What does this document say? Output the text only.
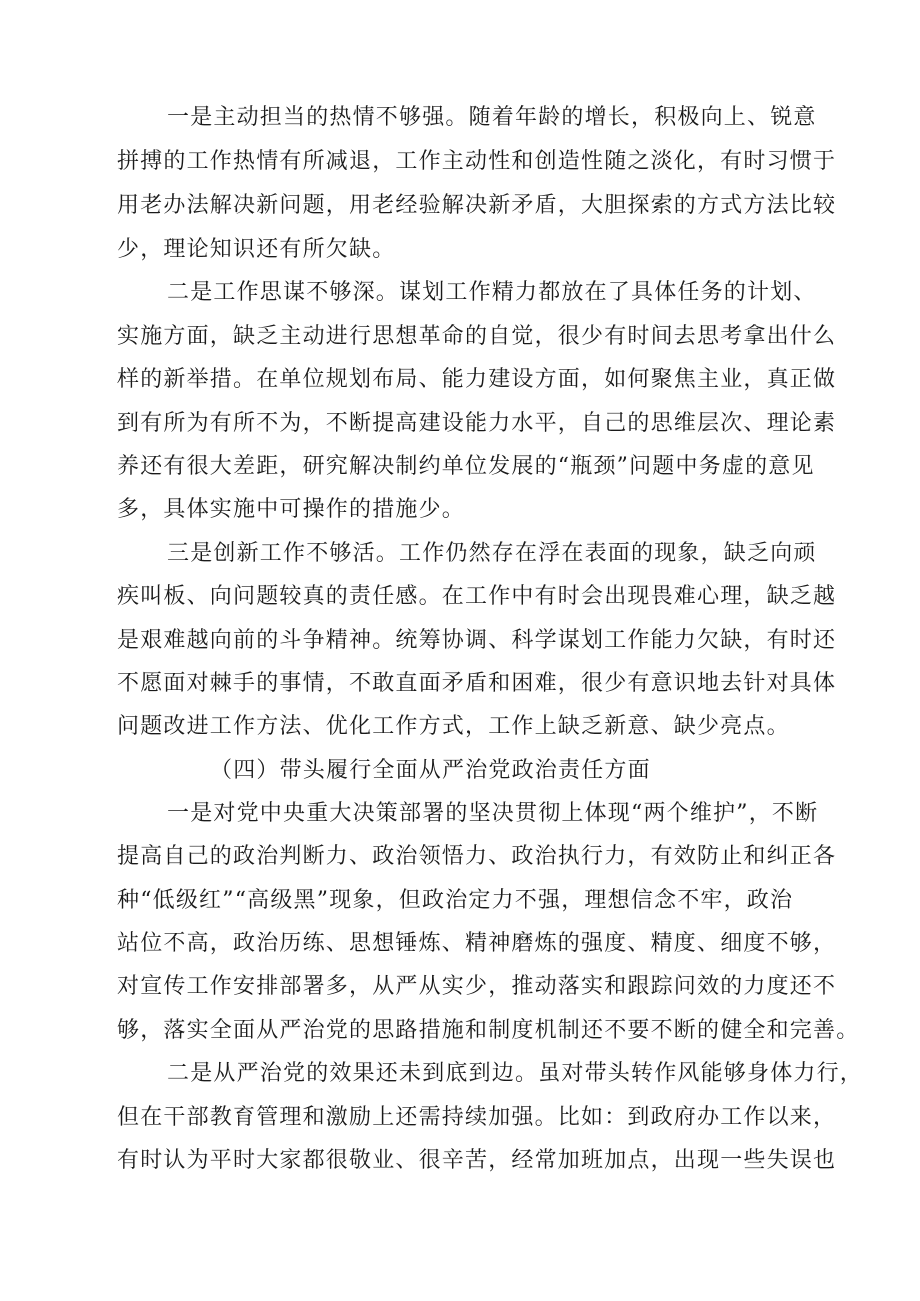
一是主动担当的热情不够强。随着年龄的增长，积极向上、锐意
拼搏的工作热情有所减退，工作主动性和创造性随之淡化，有时习惯于
用老办法解决新问题，用老经验解决新矛盾，大胆探索的方式方法比较
少，理论知识还有所欠缺。
二是工作思谋不够深。谋划工作精力都放在了具体任务的计划、
实施方面，缺乏主动进行思想革命的自觉，很少有时间去思考拿出什么
样的新举措。在单位规划布局、能力建设方面，如何聚焦主业，真正做
到有所为有所不为，不断提高建设能力水平，自己的思维层次、理论素
养还有很大差距，研究解决制约单位发展的“瓶颈”问题中务虚的意见
多，具体实施中可操作的措施少。
三是创新工作不够活。工作仍然存在浮在表面的现象，缺乏向顽
疾叫板、向问题较真的责任感。在工作中有时会出现畏难心理，缺乏越
是艰难越向前的斗争精神。统筹协调、科学谋划工作能力欠缺，有时还
不愿面对棘手的事情，不敢直面矛盾和困难，很少有意识地去针对具体
问题改进工作方法、优化工作方式，工作上缺乏新意、缺少亮点。
（四）带头履行全面从严治党政治责任方面
一是对党中央重大决策部署的坚决贯彻上体现“两个维护”，不断
提高自己的政治判断力、政治领悟力、政治执行力，有效防止和纠正各
种“低级红”“高级黑”现象，但政治定力不强，理想信念不牢，政治
站位不高，政治历练、思想锤炼、精神磨炼的强度、精度、细度不够，
对宣传工作安排部署多，从严从实少，推动落实和跟踪问效的力度还不
够，落实全面从严治党的思路措施和制度机制还不要不断的健全和完善。
二是从严治党的效果还未到底到边。虽对带头转作风能够身体力行，
但在干部教育管理和激励上还需持续加强。比如：到政府办工作以来，
有时认为平时大家都很敬业、很辛苦，经常加班加点，出现一些失误也
